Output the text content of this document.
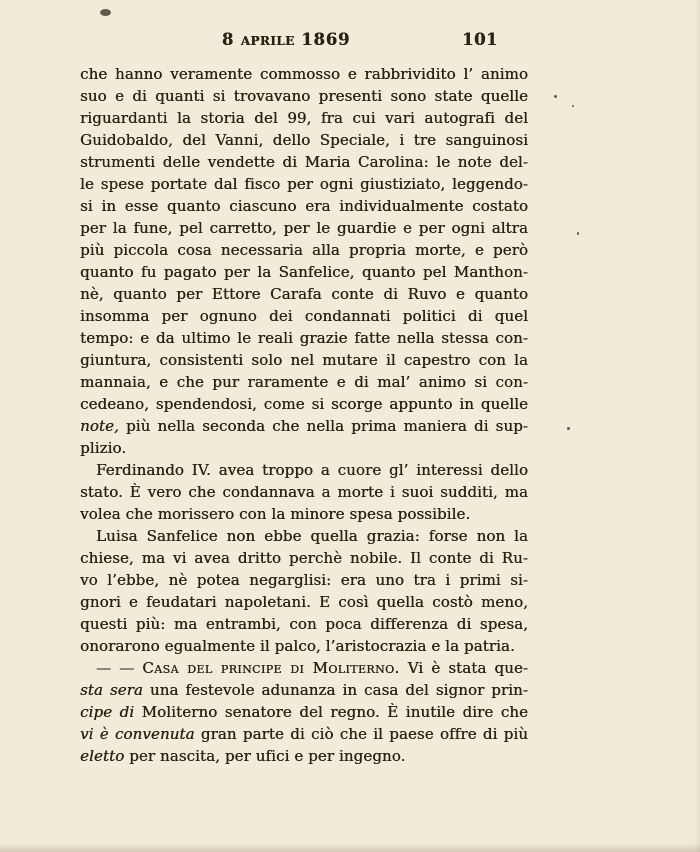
8 aprile 1869	101
che hanno veramente commosso e rabbrividito l’ animo
suo e di quanti si trovavano presenti sono state quelle
riguardanti la storia del 99, fra cui vari autografi del
Guidobaldo, del Vanni, dello Speciale, i tre sanguinosi
strumenti delle vendette di Maria Carolina: le note del-
le spese portate dal fisco per ogni giustiziato, leggendo-
si in esse quanto ciascuno era individualmente costato
per la fune, pel carretto, per le guardie e per ogni altra
più piccola cosa necessaria alla propria morte, e però
quanto fu pagato per la Sanfelice, quanto pel Manthon-
nè, quanto per Ettore Carafa conte di Ruvo e quanto
insomma per ognuno dei condannati politici di quel
tempo: e da ultimo le reali grazie fatte nella stessa con-
giuntura, consistenti solo nel mutare il capestro con la
mannaia, e che pur raramente e di mal’ animo si con-
cedeano, spendendosi, come si scorge appunto in quelle
note, più nella seconda che nella prima maniera di sup-
plizio.
Ferdinando IV. avea troppo a cuore gl’ interessi dello
stato. È vero che condannava a morte i suoi sudditi, ma
volea che morissero con la minore spesa possibile.
Luisa Sanfelice non ebbe quella grazia: forse non la
chiese, ma vi avea dritto perchè nobile. Il conte di Ru-
vo l’ebbe, nè potea negarglisi: era uno tra i primi si-
gnori e feudatari napoletani. E così quella costò meno,
questi più: ma entrambi, con poca differenza di spesa,
onorarono egualmente il palco, l’aristocrazia e la patria.
— — Casa del principe di Moliterno. Vi è stata que-
sta sera una festevole adunanza in casa del signor prin-
cipe di Moliterno senatore del regno. È inutile dire che
vi è convenuta gran parte di ciò che il paese offre di più
eletto per nascita, per ufici e per ingegno.
